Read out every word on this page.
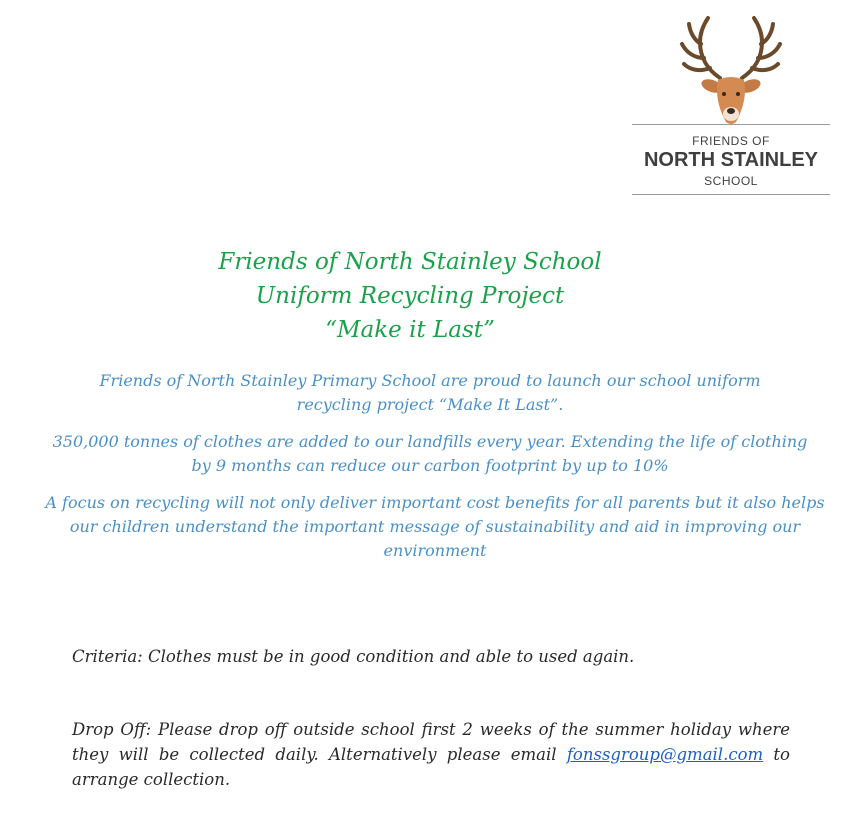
FRIENDS OF
NORTH STAINLEY
SCHOOL
Friends of North Stainley School
Uniform Recycling Project
“Make it Last”
Friends of North Stainley Primary School are proud to launch our school uniform recycling project “Make It Last”.
350,000 tonnes of clothes are added to our landfills every year. Extending the life of clothing by 9 months can reduce our carbon footprint by up to 10%
A focus on recycling will not only deliver important cost benefits for all parents but it also helps our children understand the important message of sustainability and aid in improving our environment
Criteria: Clothes must be in good condition and able to used again.
Drop Off: Please drop off outside school first 2 weeks of the summer holiday where they will be collected daily. Alternatively please email fonssgroup@gmail.com to arrange collection.
